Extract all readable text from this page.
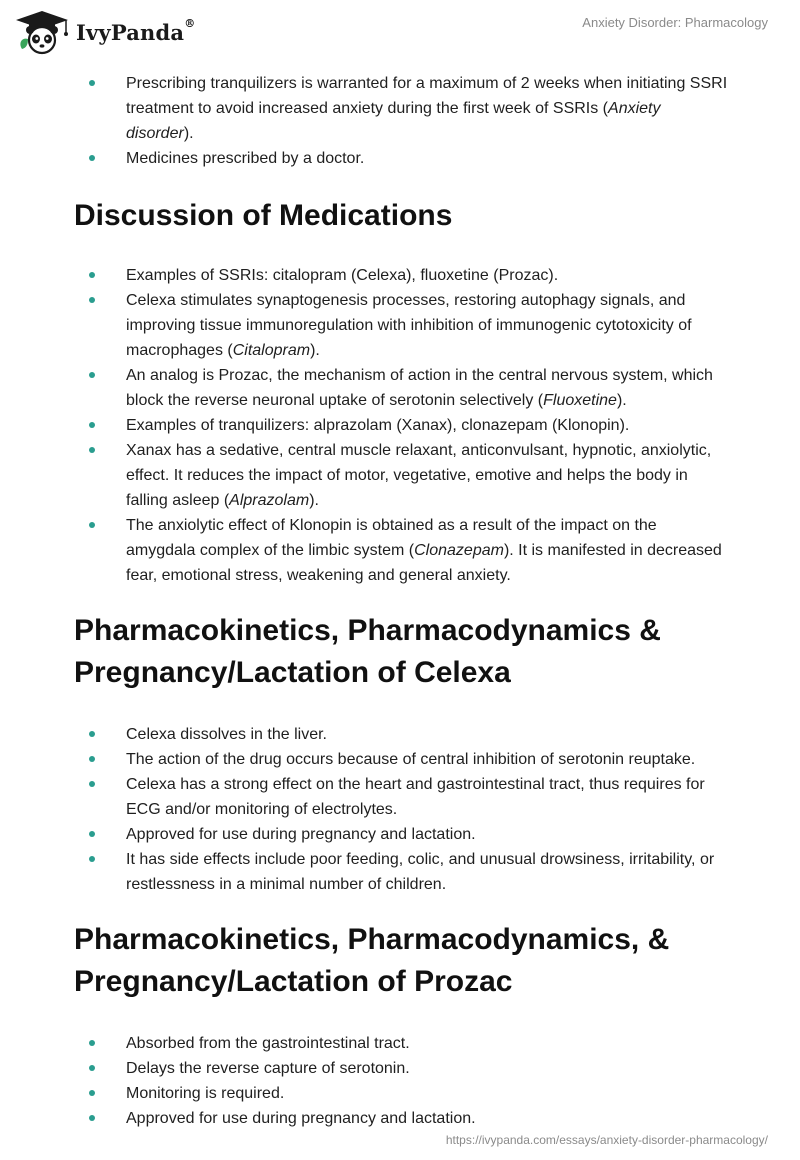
IvyPanda®	Anxiety Disorder: Pharmacology
Prescribing tranquilizers is warranted for a maximum of 2 weeks when initiating SSRI treatment to avoid increased anxiety during the first week of SSRIs (Anxiety disorder).
Medicines prescribed by a doctor.
Discussion of Medications
Examples of SSRIs: citalopram (Celexa), fluoxetine (Prozac).
Celexa stimulates synaptogenesis processes, restoring autophagy signals, and improving tissue immunoregulation with inhibition of immunogenic cytotoxicity of macrophages (Citalopram).
An analog is Prozac, the mechanism of action in the central nervous system, which block the reverse neuronal uptake of serotonin selectively (Fluoxetine).
Examples of tranquilizers: alprazolam (Xanax), clonazepam (Klonopin).
Xanax has a sedative, central muscle relaxant, anticonvulsant, hypnotic, anxiolytic, effect. It reduces the impact of motor, vegetative, emotive and helps the body in falling asleep (Alprazolam).
The anxiolytic effect of Klonopin is obtained as a result of the impact on the amygdala complex of the limbic system (Clonazepam). It is manifested in decreased fear, emotional stress, weakening and general anxiety.
Pharmacokinetics, Pharmacodynamics & Pregnancy/Lactation of Celexa
Celexa dissolves in the liver.
The action of the drug occurs because of central inhibition of serotonin reuptake.
Celexa has a strong effect on the heart and gastrointestinal tract, thus requires for ECG and/or monitoring of electrolytes.
Approved for use during pregnancy and lactation.
It has side effects include poor feeding, colic, and unusual drowsiness, irritability, or restlessness in a minimal number of children.
Pharmacokinetics, Pharmacodynamics, & Pregnancy/Lactation of Prozac
Absorbed from the gastrointestinal tract.
Delays the reverse capture of serotonin.
Monitoring is required.
Approved for use during pregnancy and lactation.
https://ivypanda.com/essays/anxiety-disorder-pharmacology/
